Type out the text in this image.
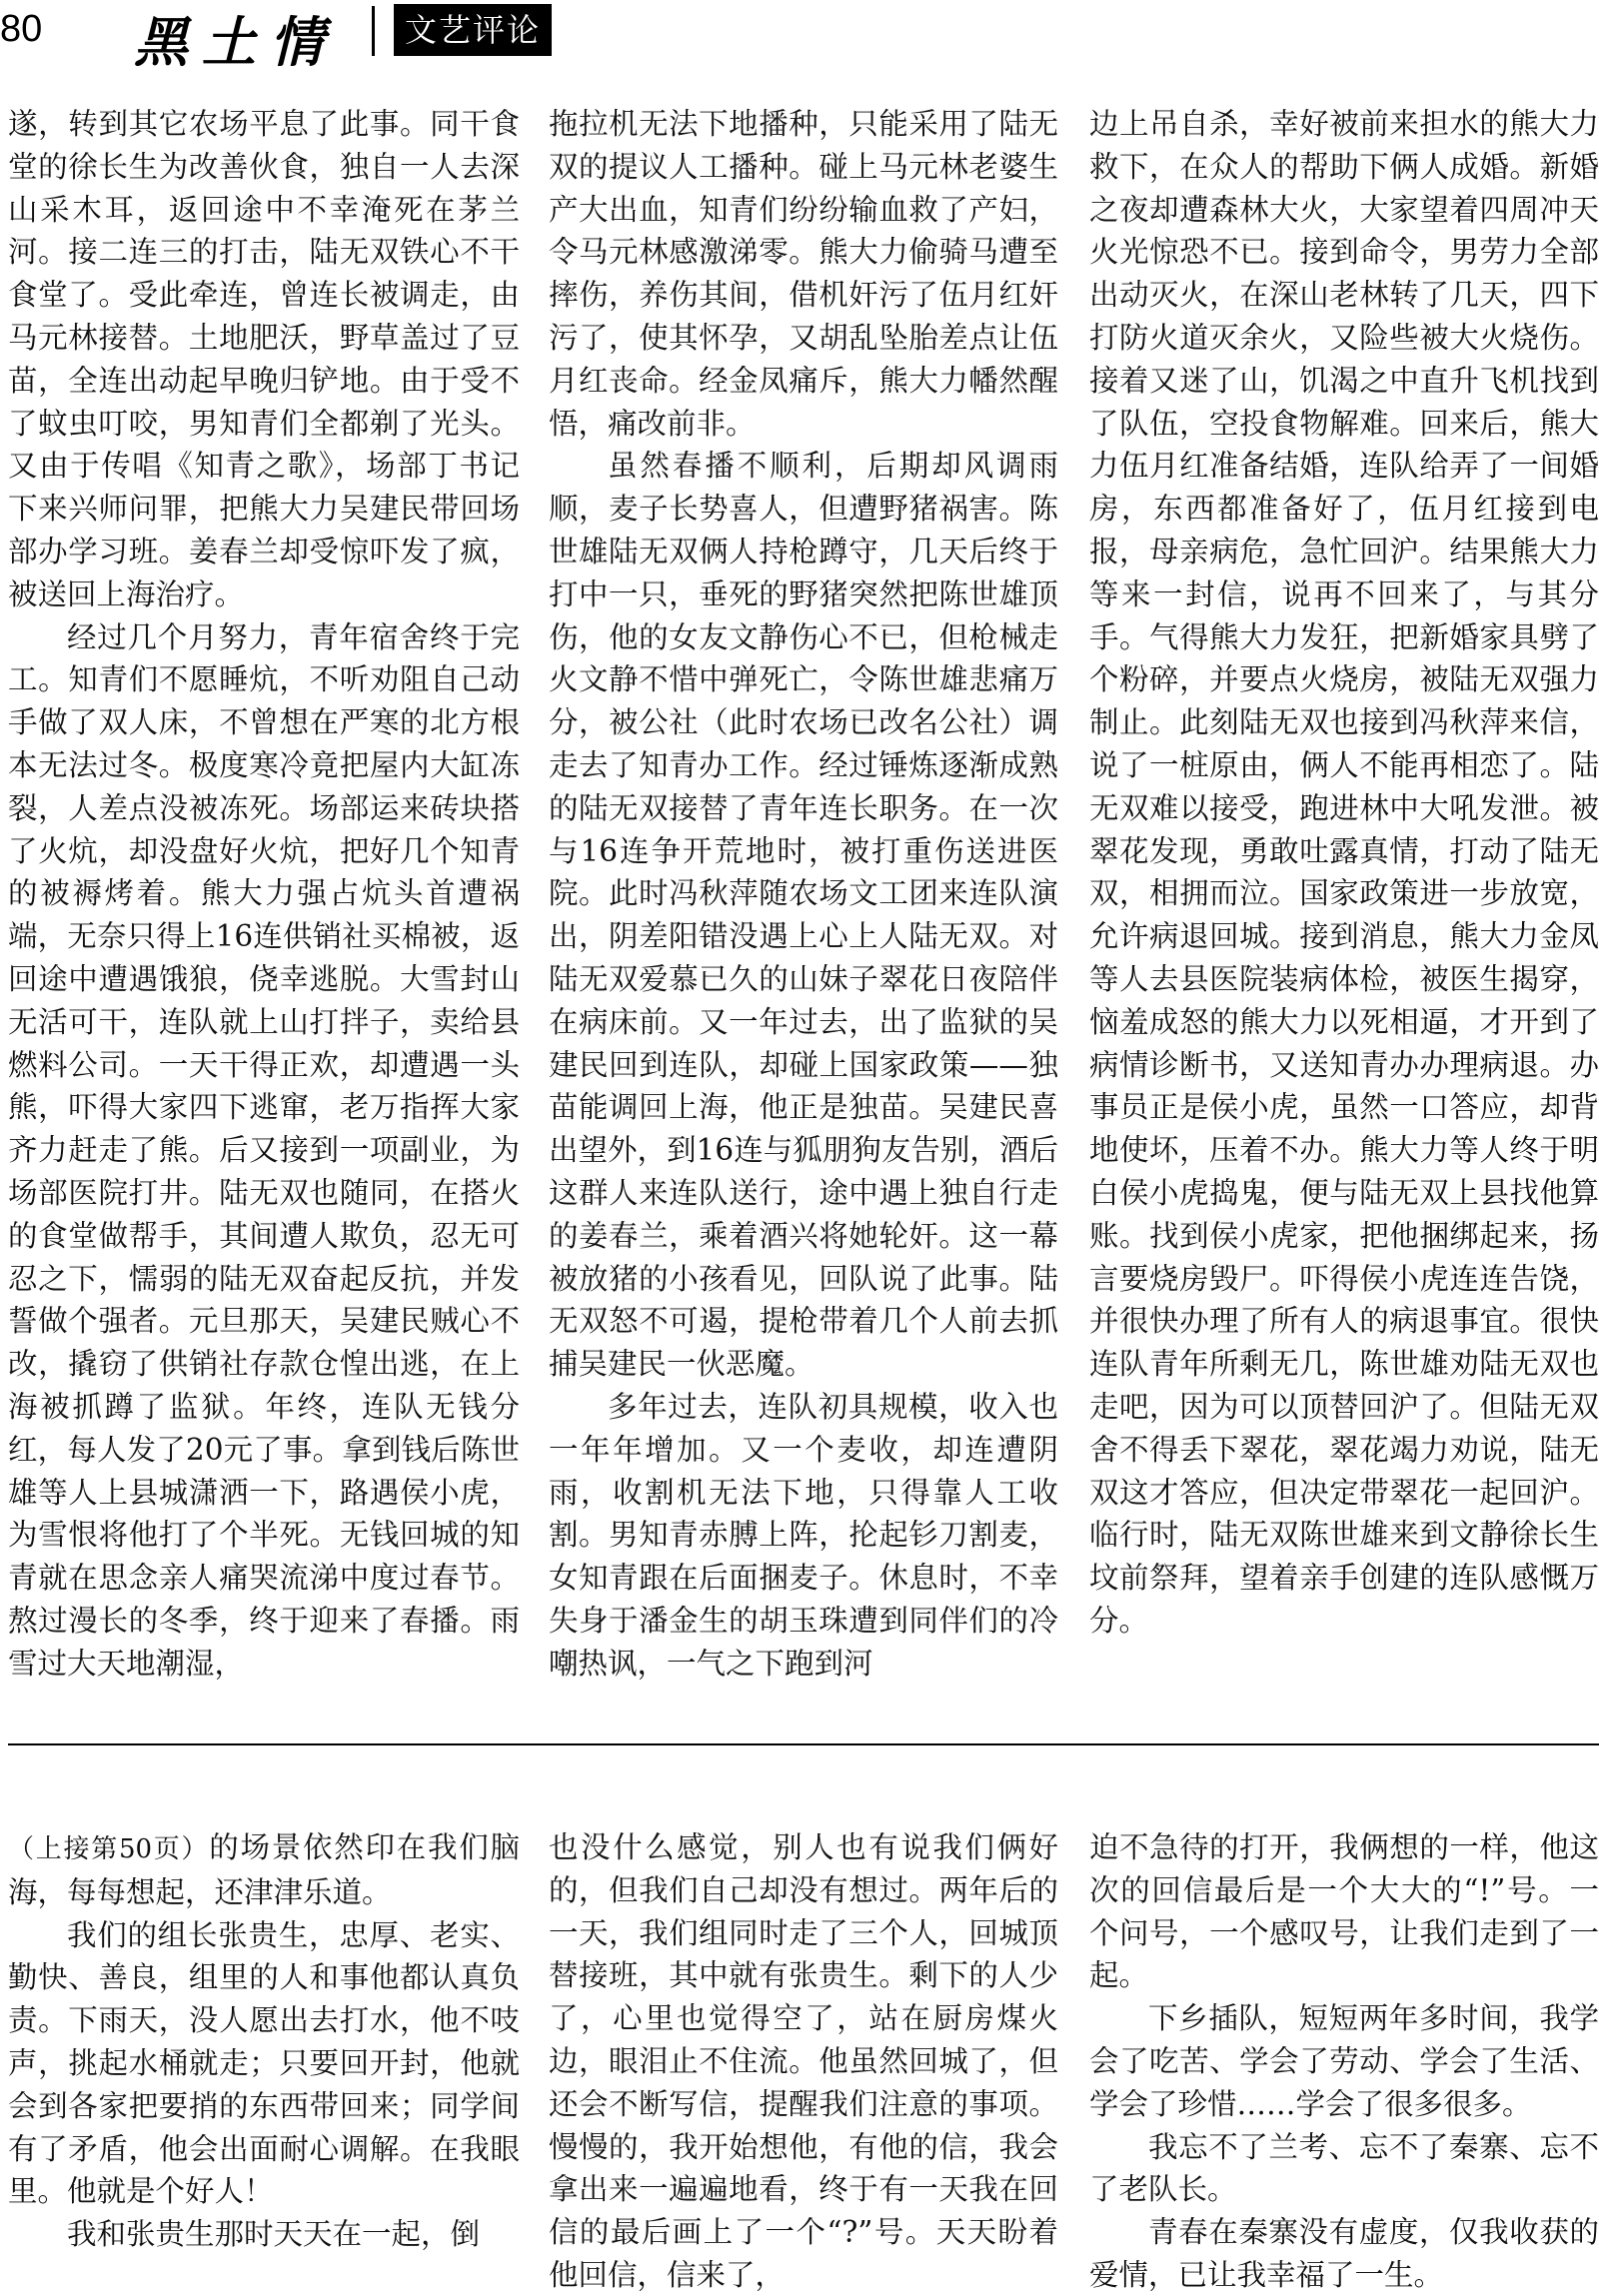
80 黑土情	文艺评论

遂，转到其它农场平息了此事。同干食堂的徐长生为改善伙食，独自一人去深山采木耳，返回途中不幸淹死在茅兰河。接二连三的打击，陆无双铁心不干食堂了。受此牵连，曾连长被调走，由马元林接替。土地肥沃，野草盖过了豆苗，全连出动起早晚归铲地。由于受不了蚊虫叮咬，男知青们全都剃了光头。又由于传唱《知青之歌》，场部丁书记下来兴师问罪，把熊大力吴建民带回场部办学习班。姜春兰却受惊吓发了疯，被送回上海治疗。

经过几个月努力，青年宿舍终于完工。知青们不愿睡炕，不听劝阻自己动手做了双人床，不曾想在严寒的北方根本无法过冬。极度寒冷竟把屋内大缸冻裂，人差点没被冻死。场部运来砖块搭了火炕，却没盘好火炕，把好几个知青的被褥烤着。熊大力强占炕头首遭祸端，无奈只得上16连供销社买棉被，返回途中遭遇饿狼，侥幸逃脱。大雪封山无活可干，连队就上山打拌子，卖给县燃料公司。一天干得正欢，却遭遇一头熊，吓得大家四下逃窜，老万指挥大家齐力赶走了熊。后又接到一项副业，为场部医院打井。陆无双也随同，在搭火的食堂做帮手，其间遭人欺负，忍无可忍之下，懦弱的陆无双奋起反抗，并发誓做个强者。元旦那天，吴建民贼心不改，撬窃了供销社存款仓惶出逃，在上海被抓蹲了监狱。年终，连队无钱分红，每人发了20元了事。拿到钱后陈世雄等人上县城潇洒一下，路遇侯小虎，为雪恨将他打了个半死。无钱回城的知青就在思念亲人痛哭流涕中度过春节。熬过漫长的冬季，终于迎来了春播。雨雪过大天地潮湿，

拖拉机无法下地播种，只能采用了陆无双的提议人工播种。碰上马元林老婆生产大出血，知青们纷纷输血救了产妇，令马元林感激涕零。熊大力偷骑马遭至摔伤，养伤其间，借机奸污了伍月红奸污了，使其怀孕，又胡乱坠胎差点让伍月红丧命。经金凤痛斥，熊大力幡然醒悟，痛改前非。

虽然春播不顺利，后期却风调雨顺，麦子长势喜人，但遭野猪祸害。陈世雄陆无双俩人持枪蹲守，几天后终于打中一只，垂死的野猪突然把陈世雄顶伤，他的女友文静伤心不已，但枪械走火文静不惜中弹死亡，令陈世雄悲痛万分，被公社（此时农场已改名公社）调走去了知青办工作。经过锤炼逐渐成熟的陆无双接替了青年连长职务。在一次与16连争开荒地时，被打重伤送进医院。此时冯秋萍随农场文工团来连队演出，阴差阳错没遇上心上人陆无双。对陆无双爱慕已久的山妹子翠花日夜陪伴在病床前。又一年过去，出了监狱的吴建民回到连队，却碰上国家政策——独苗能调回上海，他正是独苗。吴建民喜出望外，到16连与狐朋狗友告别，酒后这群人来连队送行，途中遇上独自行走的姜春兰，乘着酒兴将她轮奸。这一幕被放猪的小孩看见，回队说了此事。陆无双怒不可遏，提枪带着几个人前去抓捕吴建民一伙恶魔。

多年过去，连队初具规模，收入也一年年增加。又一个麦收，却连遭阴雨，收割机无法下地，只得靠人工收割。男知青赤膊上阵，抡起钐刀割麦，女知青跟在后面捆麦子。休息时，不幸失身于潘金生的胡玉珠遭到同伴们的冷嘲热讽，一气之下跑到河

边上吊自杀，幸好被前来担水的熊大力救下，在众人的帮助下俩人成婚。新婚之夜却遭森林大火，大家望着四周冲天火光惊恐不已。接到命令，男劳力全部出动灭火，在深山老林转了几天，四下打防火道灭余火，又险些被大火烧伤。接着又迷了山，饥渴之中直升飞机找到了队伍，空投食物解难。回来后，熊大力伍月红准备结婚，连队给弄了一间婚房，东西都准备好了，伍月红接到电报，母亲病危，急忙回沪。结果熊大力等来一封信，说再不回来了，与其分手。气得熊大力发狂，把新婚家具劈了个粉碎，并要点火烧房，被陆无双强力制止。此刻陆无双也接到冯秋萍来信，说了一桩原由，俩人不能再相恋了。陆无双难以接受，跑进林中大吼发泄。被翠花发现，勇敢吐露真情，打动了陆无双，相拥而泣。国家政策进一步放宽，允许病退回城。接到消息，熊大力金凤等人去县医院装病体检，被医生揭穿，恼羞成怒的熊大力以死相逼，才开到了病情诊断书，又送知青办办理病退。办事员正是侯小虎，虽然一口答应，却背地使坏，压着不办。熊大力等人终于明白侯小虎捣鬼，便与陆无双上县找他算账。找到侯小虎家，把他捆绑起来，扬言要烧房毁尸。吓得侯小虎连连告饶，并很快办理了所有人的病退事宜。很快连队青年所剩无几，陈世雄劝陆无双也走吧，因为可以顶替回沪了。但陆无双舍不得丢下翠花，翠花竭力劝说，陆无双这才答应，但决定带翠花一起回沪。临行时，陆无双陈世雄来到文静徐长生坟前祭拜，望着亲手创建的连队感慨万分。

（上接第50页）的场景依然印在我们脑海，每每想起，还津津乐道。

我们的组长张贵生，忠厚、老实、勤快、善良，组里的人和事他都认真负责。下雨天，没人愿出去打水，他不吱声，挑起水桶就走；只要回开封，他就会到各家把要捎的东西带回来；同学间有了矛盾，他会出面耐心调解。在我眼里。他就是个好人！

我和张贵生那时天天在一起，倒

也没什么感觉，别人也有说我们俩好的，但我们自己却没有想过。两年后的一天，我们组同时走了三个人，回城顶替接班，其中就有张贵生。剩下的人少了，心里也觉得空了，站在厨房煤火边，眼泪止不住流。他虽然回城了，但还会不断写信，提醒我们注意的事项。慢慢的，我开始想他，有他的信，我会拿出来一遍遍地看，终于有一天我在回信的最后画上了一个“?”号。天天盼着他回信，信来了，

迫不急待的打开，我俩想的一样，他这次的回信最后是一个大大的“!”号。一个问号，一个感叹号，让我们走到了一起。

下乡插队，短短两年多时间，我学会了吃苦、学会了劳动、学会了生活、学会了珍惜……学会了很多很多。

我忘不了兰考、忘不了秦寨、忘不了老队长。

青春在秦寨没有虚度，仅我收获的爱情，已让我幸福了一生。
